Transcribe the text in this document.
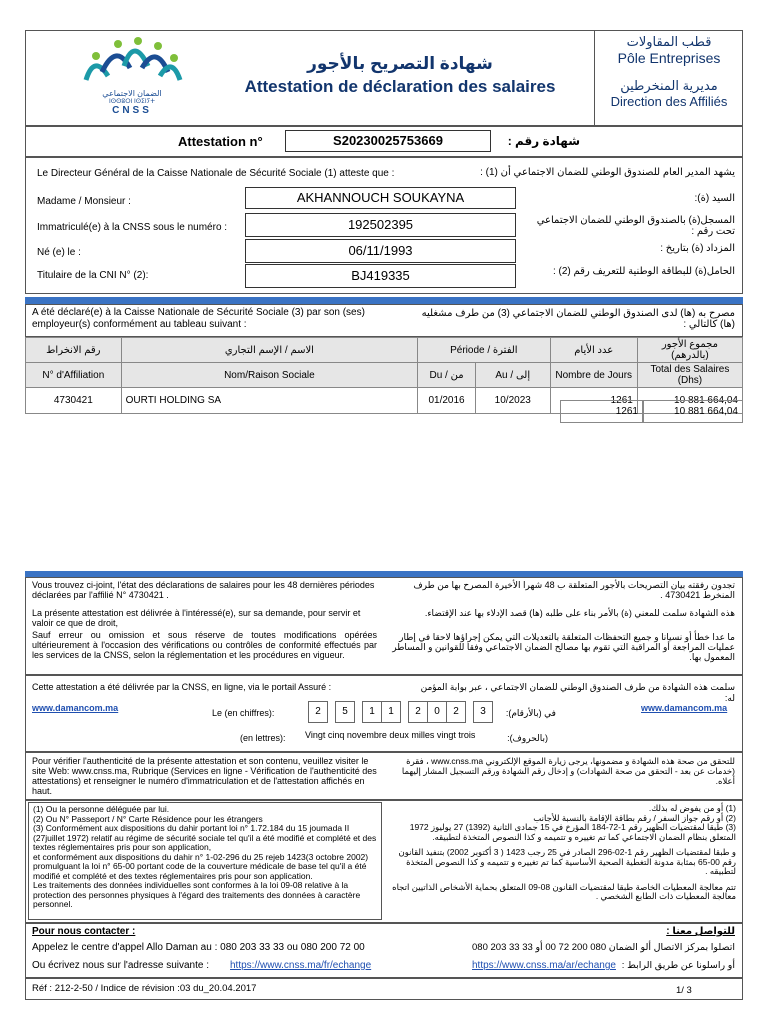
الضمان الاجتماعي
ⵏⵙⵙⵓⵔⵏ ⵏⵙⵉⵏⵢⵜ
CNSS
شهادة التصريح بالأجور
Attestation de déclaration des salaires
قطب المقاولات
Pôle Entreprises
مديرية المنخرطين
Direction des Affiliés
Attestation n°	S20230025753669	شهادة رقم :
Le Directeur Général de la Caisse Nationale de Sécurité Sociale (1) atteste que :	يشهد المدير العام للصندوق الوطني للضمان الاجتماعي أن (1) :
Madame / Monsieur :	AKHANNOUCH SOUKAYNA	السيد (ة):
Immatriculé(e) à la CNSS sous le numéro :	192502395	المسجل(ة) بالصندوق الوطني للضمان الاجتماعي تحت رقم :
Né (e) le :	06/11/1993	المزداد (ة) بتاريخ :
Titulaire de la CNI N° (2):	BJ419335	الحامل(ة) للبطاقة الوطنية للتعريف رقم (2) :
A été déclaré(e) à la Caisse Nationale de Sécurité Sociale (3) par son (ses) employeur(s) conformément au tableau suivant :
مصرح به (ها) لدى الصندوق الوطني للضمان الاجتماعي (3) من طرف مشغليه (ها) كالتالي :
رقم الانخراط	الاسم / الإسم التجاري	Période / الفترة		عدد الأيام	مجموع الأجور (بالدرهم)
N° d'Affiliation	Nom/Raison Sociale	Du / من	Au / إلى	Nombre de Jours	Total des Salaires (Dhs)
4730421	OURTI HOLDING SA	01/2016	10/2023	1261	10 881 664,04
1261	10 881 664,04
Vous trouvez ci-joint, l'état des déclarations de salaires pour les 48 dernières périodes déclarées par l'affilié N° 4730421 .
La présente attestation est délivrée à l'intéressé(e), sur sa demande, pour servir et valoir ce que de droit,
Sauf erreur ou omission et sous réserve de toutes modifications opérées ultérieurement à l'occasion des vérifications ou contrôles de conformité effectués par les services de la CNSS, selon la réglementation et les procédures en vigueur.
تجدون رفقته بيان التصريحات بالأجور المتعلقة ب 48 شهرا الأخيرة المصرح بها من طرف المنخرط 4730421 .
هذه الشهادة سلمت للمعني (ة) بالأمر بناء على طلبه (ها) قصد الإدلاء بها عند الإقتضاء.
ما عدا خطأ أو نسيانا و جميع التحفظات المتعلقة بالتعديلات التي يمكن إجراؤها لاحقا في إطار عمليات المراجعة أو المراقبة التي تقوم بها مصالح الضمان الاجتماعي وفقا للقوانين و المساطر المعمول بها.
Cette attestation a été délivrée par la CNSS, en ligne, via le portail Assuré :	سلمت هذه الشهادة من طرف الصندوق الوطني للضمان الاجتماعي ، عبر بوابة المؤمن له:
www.damancom.ma	www.damancom.ma
Le (en chiffres):	2	5	1	1	2	0	2	3	في (بالأرقام):
(en lettres): Vingt cinq novembre deux milles vingt trois	(بالحروف):
Pour vérifier l'authenticité de la présente attestation et son contenu, veuillez visiter le site Web: www.cnss.ma, Rubrique (Services en ligne - Vérification de l'authenticité des attestations) et renseigner le numéro d'immatriculation et de l'attestation affichés en haut.
للتحقق من صحة هذه الشهادة و مضمونها، يرجى زيارة الموقع الإلكتروني www.cnss.ma ، فقرة (خدمات عن بعد - التحقق من صحة الشهادات) و إدخال رقم الشهادة ورقم التسجيل المشار إليهما أعلاه.
(1) Ou la personne déléguée par lui.
(2) Ou N° Passeport / N° Carte Résidence pour les étrangers
(3) Conformément aux dispositions du dahir portant loi n° 1.72.184 du 15 joumada II (27juillet 1972) relatif au régime de sécurité sociale tel qu'il a été modifié et complété et des textes réglementaires pris pour son application,
et conformément aux dispositions du dahir n° 1-02-296 du 25 rejeb 1423(3 octobre 2002) promulguant la loi n° 65-00 portant code de la couverture médicale de base tel qu'il a été modifié et complété et des textes réglementaires pris pour son application.
Les traitements des données individuelles sont conformes à la loi 09-08 relative à la protection des personnes physiques à l'égard des traitements des données à caractère personnel.
(1) أو من يفوض له بذلك.
(2) أو رقم جواز السفر / رقم بطاقة الإقامة بالنسبة للأجانب
(3) طبقا لمقتضيات الظهير رقم 1-72-184 المؤرخ في 15 جمادى الثانية (1392) 27 يوليوز 1972 المتعلق بنظام الضمان الاجتماعي كما تم تغييره و تتميمه و كذا النصوص المتخذة لتطبيقه.
و طبقا لمقتضيات الظهير رقم 1-02-296 الصادر في 25 رجب 1423 ( 3 أكتوبر 2002) بتنفيذ القانون رقم 00-65 بمثابة مدونة التغطية الصحية الأساسية كما تم تغييره و تتميمه و كذا النصوص المتخذة لتطبيقه .
تتم معالجة المعطيات الخاصة طبقا لمقتضيات القانون 08-09 المتعلق بحماية الأشخاص الذاتيين اتجاه معالجة المعطيات ذات الطابع الشخصي .
Pour nous contacter :	للتواصل معنا :
Appelez le centre d'appel Allo Daman au : 080 203 33 33 ou 080 200 72 00	اتصلوا بمركز الاتصال ألو الضمان 080 200 72 00 أو 33 33 203 080
Ou écrivez nous sur l'adresse suivante : https://www.cnss.ma/fr/echange	https://www.cnss.ma/ar/echange أو راسلونا عن طريق الرابط :
Réf : 212-2-50 / Indice de révision :03 du_20.04.2017	1/ 3
